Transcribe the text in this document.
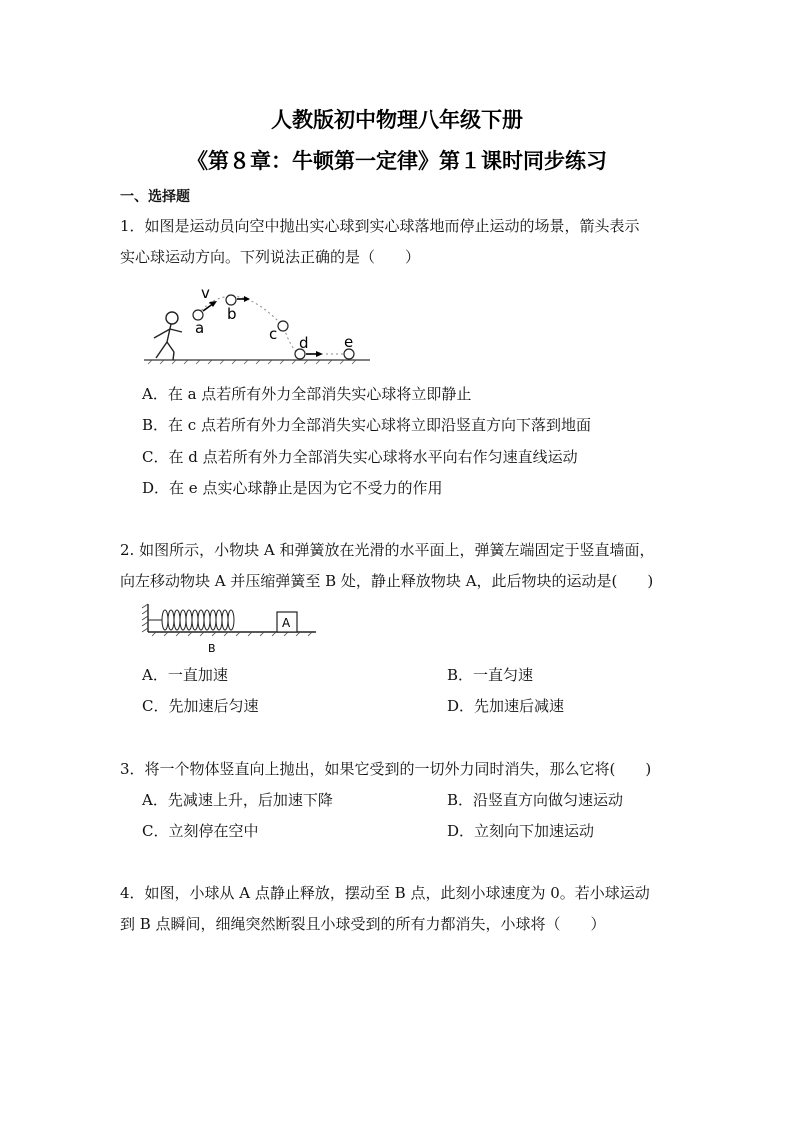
人教版初中物理八年级下册
《第８章：牛顿第一定律》第１课时同步练习
一、选择题
1．如图是运动员向空中抛出实心球到实心球落地而停止运动的场景，箭头表示
实心球运动方向。下列说法正确的是（　　）
v
a
b
c d e
A．在 a 点若所有外力全部消失实心球将立即静止
B．在 c 点若所有外力全部消失实心球将立即沿竖直方向下落到地面
C．在 d 点若所有外力全部消失实心球将水平向右作匀速直线运动
D．在 e 点实心球静止是因为它不受力的作用
2. 如图所示，小物块 A 和弹簧放在光滑的水平面上，弹簧左端固定于竖直墙面，
向左移动物块 A 并压缩弹簧至 B 处，静止释放物块 A，此后物块的运动是(　　)
A
B
A．一直加速	B．一直匀速
C．先加速后匀速	D．先加速后减速
3．将一个物体竖直向上抛出，如果它受到的一切外力同时消失，那么它将(　　)
A．先减速上升，后加速下降	B．沿竖直方向做匀速运动
C．立刻停在空中	D．立刻向下加速运动
4．如图，小球从 A 点静止释放，摆动至 B 点，此刻小球速度为 0。若小球运动
到 B 点瞬间，细绳突然断裂且小球受到的所有力都消失，小球将（　　）
